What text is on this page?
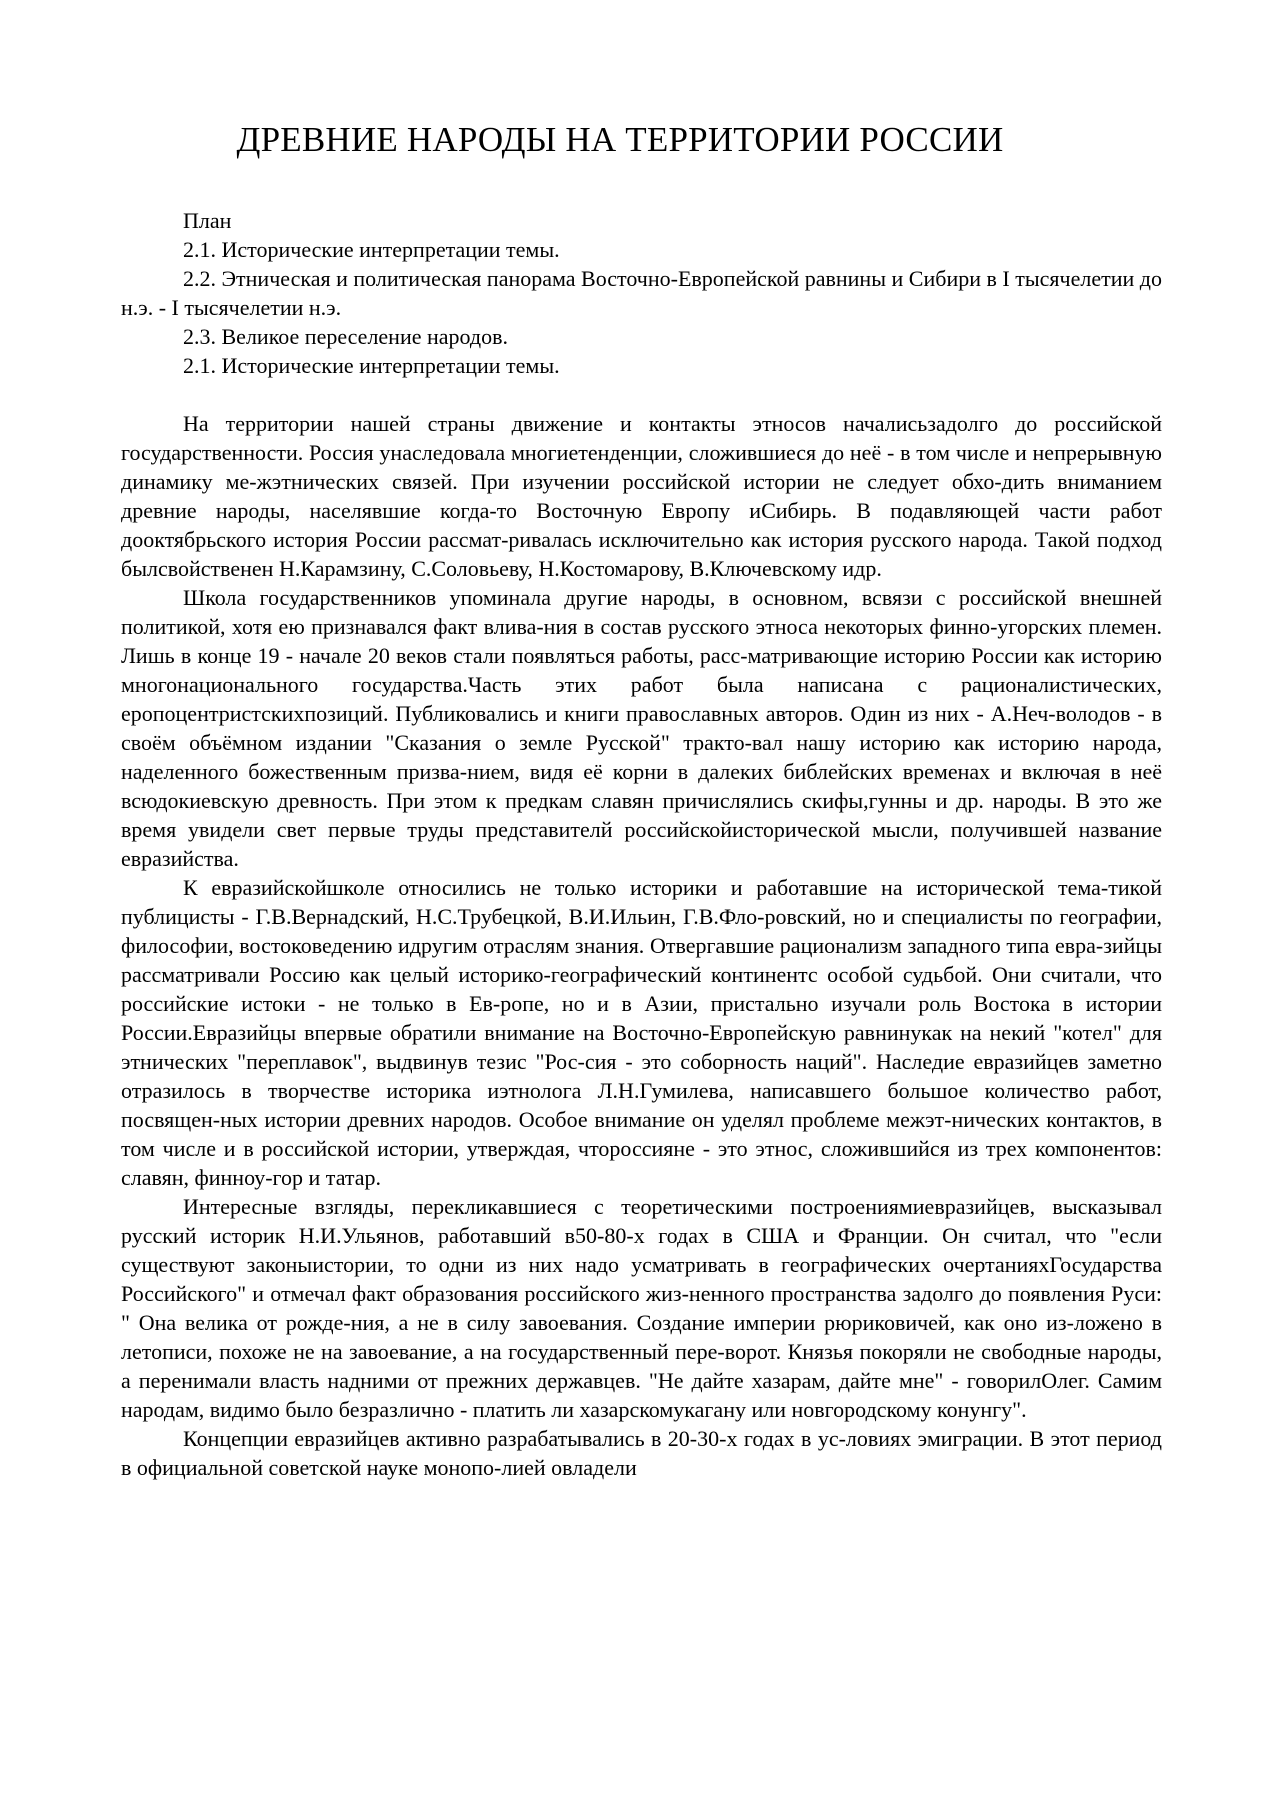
ДРЕВНИЕ НАРОДЫ НА ТЕРРИТОРИИ РОССИИ

План

2.1. Исторические интерпретации темы.

2.2. Этническая и политическая панорама Восточно-Европейской равнины и Сибири в I тысячелетии до н.э. - I тысячелетии н.э.

2.3. Великое переселение народов.

2.1. Исторические интерпретации темы.

На территории нашей страны движение и контакты этносов началисьзадолго до российской государственности. Россия унаследовала многиетенденции, сложившиеся до неё - в том числе и непрерывную динамику ме-жэтнических связей. При изучении российской истории не следует обхо-дить вниманием древние народы, населявшие когда-то Восточную Европу иСибирь. В подавляющей части работ дооктябрьского история России рассмат-ривалась исключительно как история русского народа. Такой подход былсвойственен Н.Карамзину, С.Соловьеву, Н.Костомарову, В.Ключевскому идр.

Школа государственников упоминала другие народы, в основном, всвязи с российской внешней политикой, хотя ею признавался факт влива-ния в состав русского этноса некоторых финно-угорских племен. Лишь в конце 19 - начале 20 веков стали появляться работы, расс-матривающие историю России как историю многонационального государства.Часть этих работ была написана с рационалистических, еропоцентристскихпозиций. Публиковались и книги православных авторов. Один из них - А.Неч-володов - в своём объёмном издании "Сказания о земле Русской" тракто-вал нашу историю как историю народа, наделенного божественным призва-нием, видя её корни в далеких библейских временах и включая в неё всюдокиевскую древность. При этом к предкам славян причислялись скифы,гунны и др. народы. В это же время увидели свет первые труды представителй российскойисторической мысли, получившей название евразийства.

К евразийскойшколе относились не только историки и работавшие на исторической тема-тикой публицисты - Г.В.Вернадский, Н.С.Трубецкой, В.И.Ильин, Г.В.Фло-ровский, но и специалисты по географии, философии, востоковедению идругим отраслям знания. Отвергавшие рационализм западного типа евра-зийцы рассматривали Россию как целый историко-географический континентс особой судьбой. Они считали, что российские истоки - не только в Ев-ропе, но и в Азии, пристально изучали роль Востока в истории России.Евразийцы впервые обратили внимание на Восточно-Европейскую равнинукак на некий "котел" для этнических "переплавок", выдвинув тезис "Рос-сия - это соборность наций". Наследие евразийцев заметно отразилось в творчестве историка иэтнолога Л.Н.Гумилева, написавшего большое количество работ, посвящен-ных истории древних народов. Особое внимание он уделял проблеме межэт-нических контактов, в том числе и в российской истории, утверждая, чтороссияне - это этнос, сложившийся из трех компонентов: славян, финноу-гор и татар.

Интересные взгляды, перекликавшиеся с теоретическими построениямиевразийцев, высказывал русский историк Н.И.Ульянов, работавший в50-80-х годах в США и Франции. Он считал, что "если существуют законыистории, то одни из них надо усматривать в географических очертанияхГосударства Российского" и отмечал факт образования российского жиз-ненного пространства задолго до появления Руси: " Она велика от рожде-ния, а не в силу завоевания. Создание империи рюриковичей, как оно из-ложено в летописи, похоже не на завоевание, а на государственный пере-ворот. Князья покоряли не свободные народы, а перенимали власть надними от прежних державцев. "Не дайте хазарам, дайте мне" - говорилОлег. Самим народам, видимо было безразлично - платить ли хазарскомукагану или новгородскому конунгу".

Концепции евразийцев активно разрабатывались в 20-30-х годах в ус-ловиях эмиграции. В этот период в официальной советской науке монопо-лией овладели
